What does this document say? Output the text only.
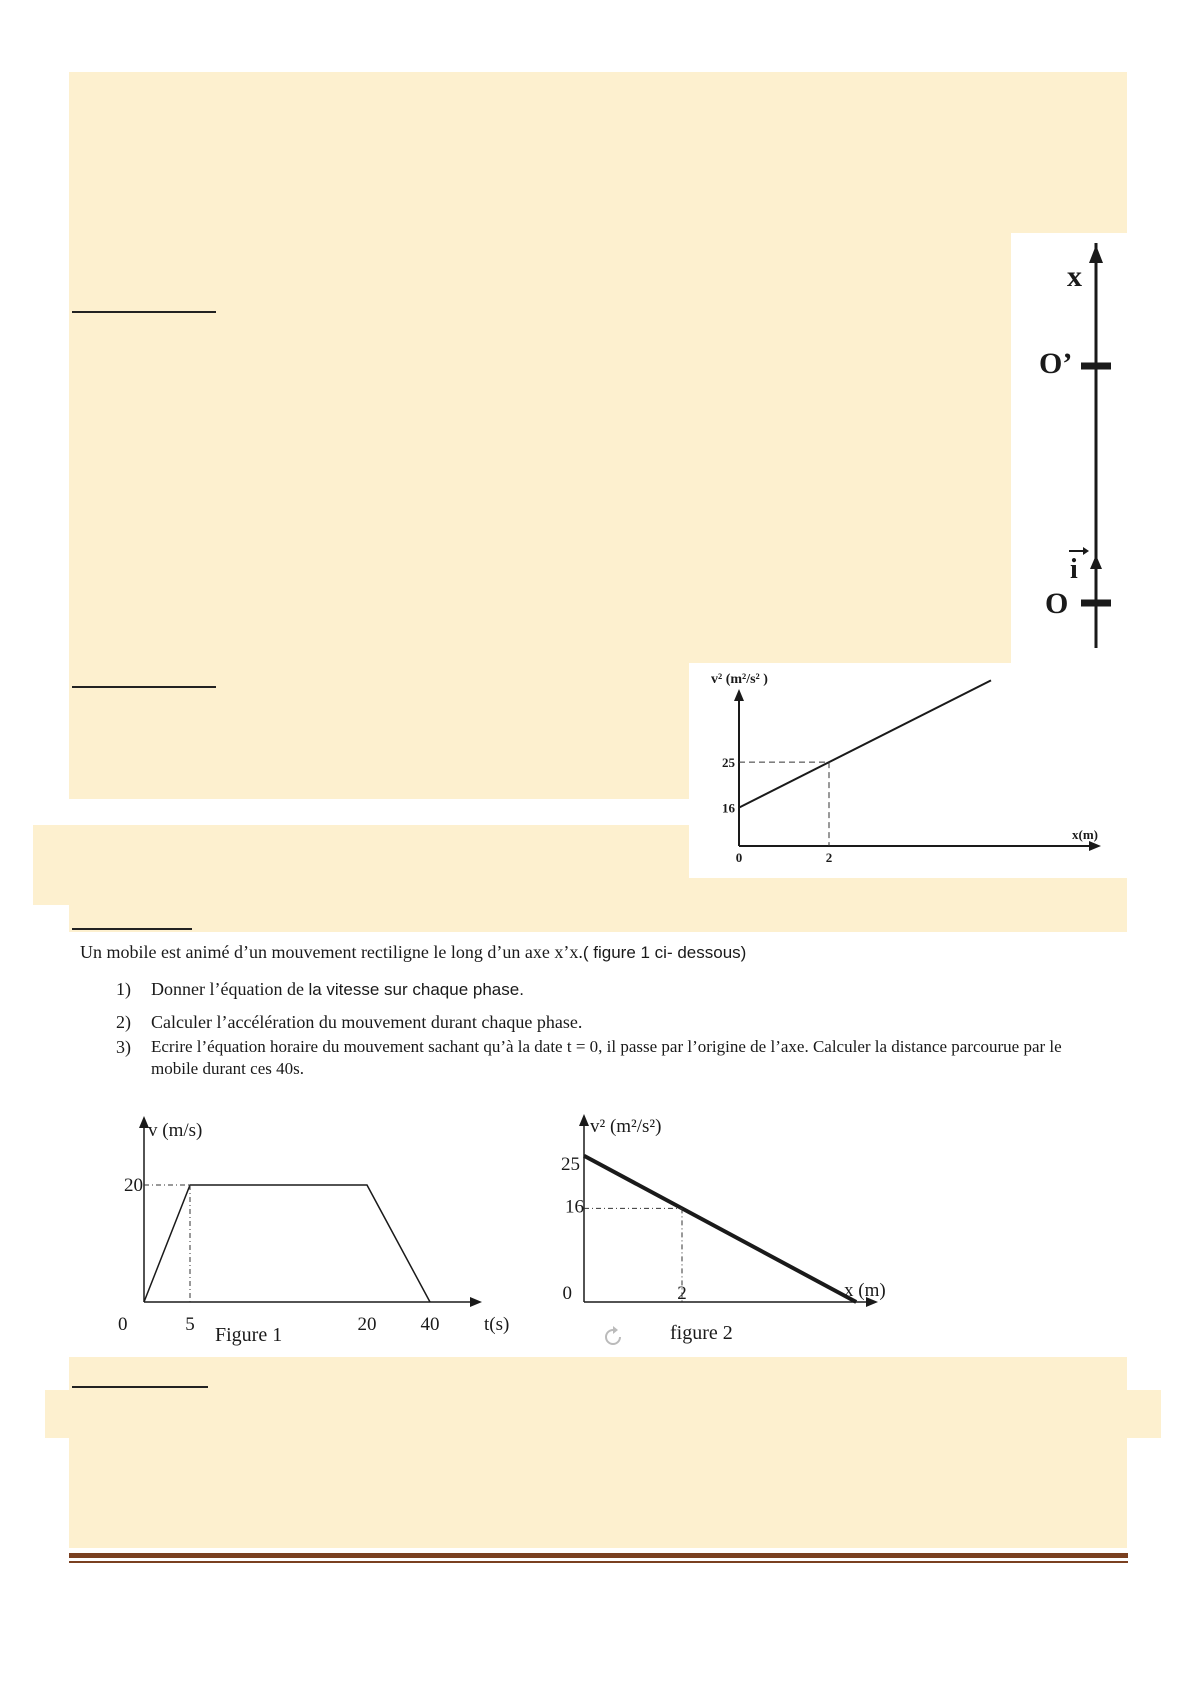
x
O’
i
O
v² (m²/s² )
25
16
0	2
x(m)
Un mobile est animé d’un mouvement rectiligne le long d’un axe x’x.( figure 1 ci- dessous)
1) Donner l’équation de la vitesse sur chaque phase.
2) Calculer l’accélération du mouvement durant chaque phase.
3) Ecrire l’équation horaire du mouvement sachant qu’à la date t = 0, il passe par l’origine de l’axe. Calculer la distance parcourue par le
mobile durant ces 40s.
v (m/s)
20
0	5	20 40 t(s)
v² (m²/s²)
25
16
0	2	x (m)
Figure 1	figure 2
